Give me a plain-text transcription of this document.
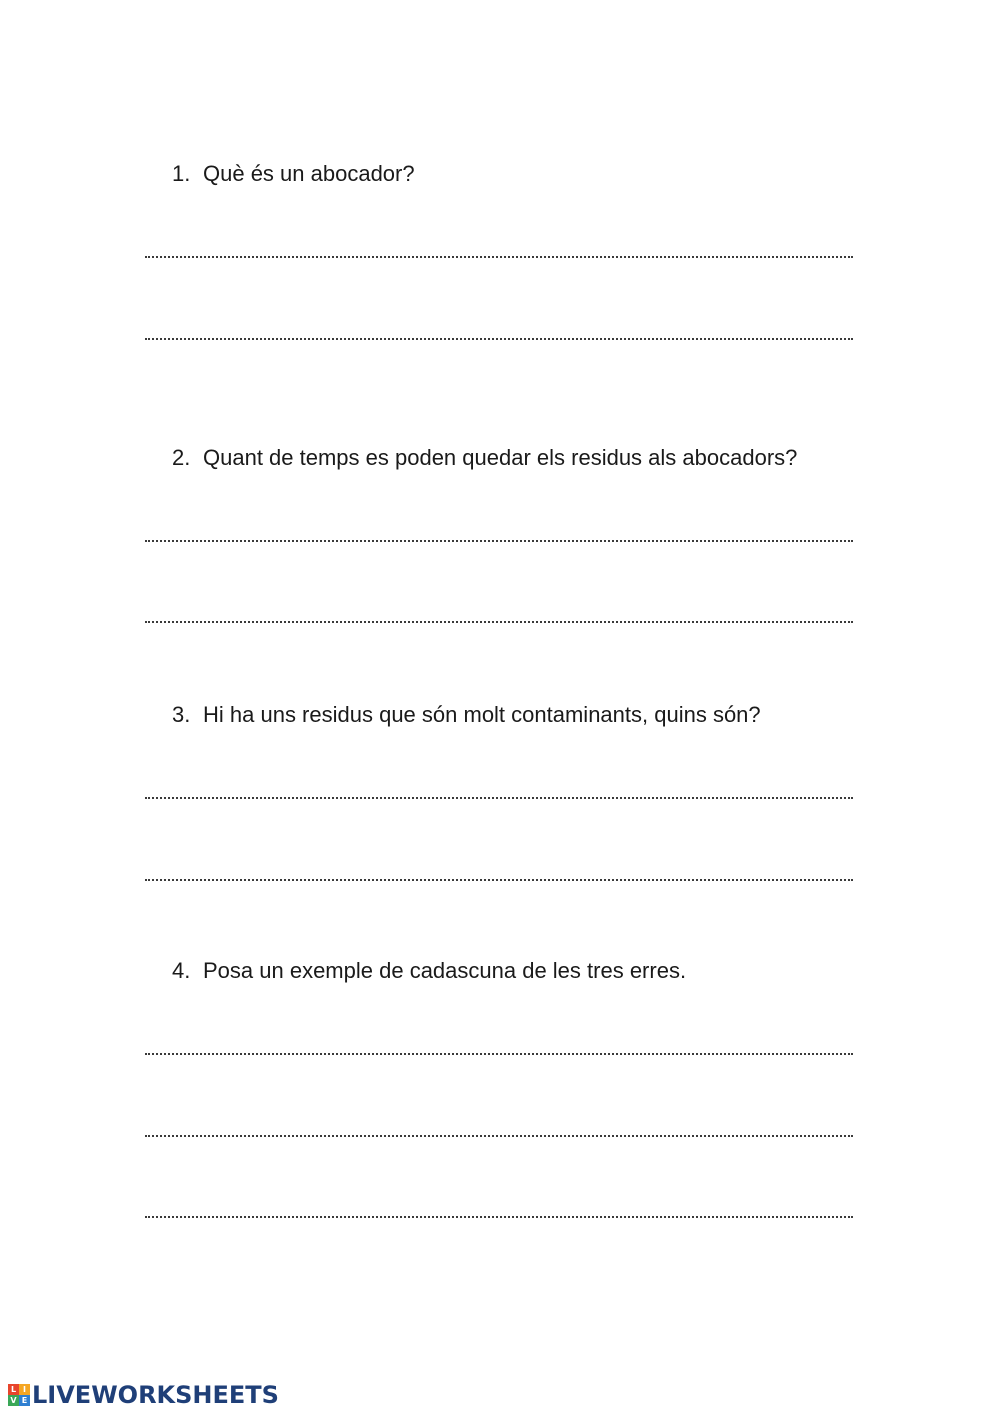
1. Què és un abocador?
2. Quant de temps es poden quedar els residus als abocadors?
3. Hi ha uns residus que són molt contaminants, quins són?
4. Posa un exemple de cadascuna de les tres erres.
L I
V E LIVEWORKSHEETS
